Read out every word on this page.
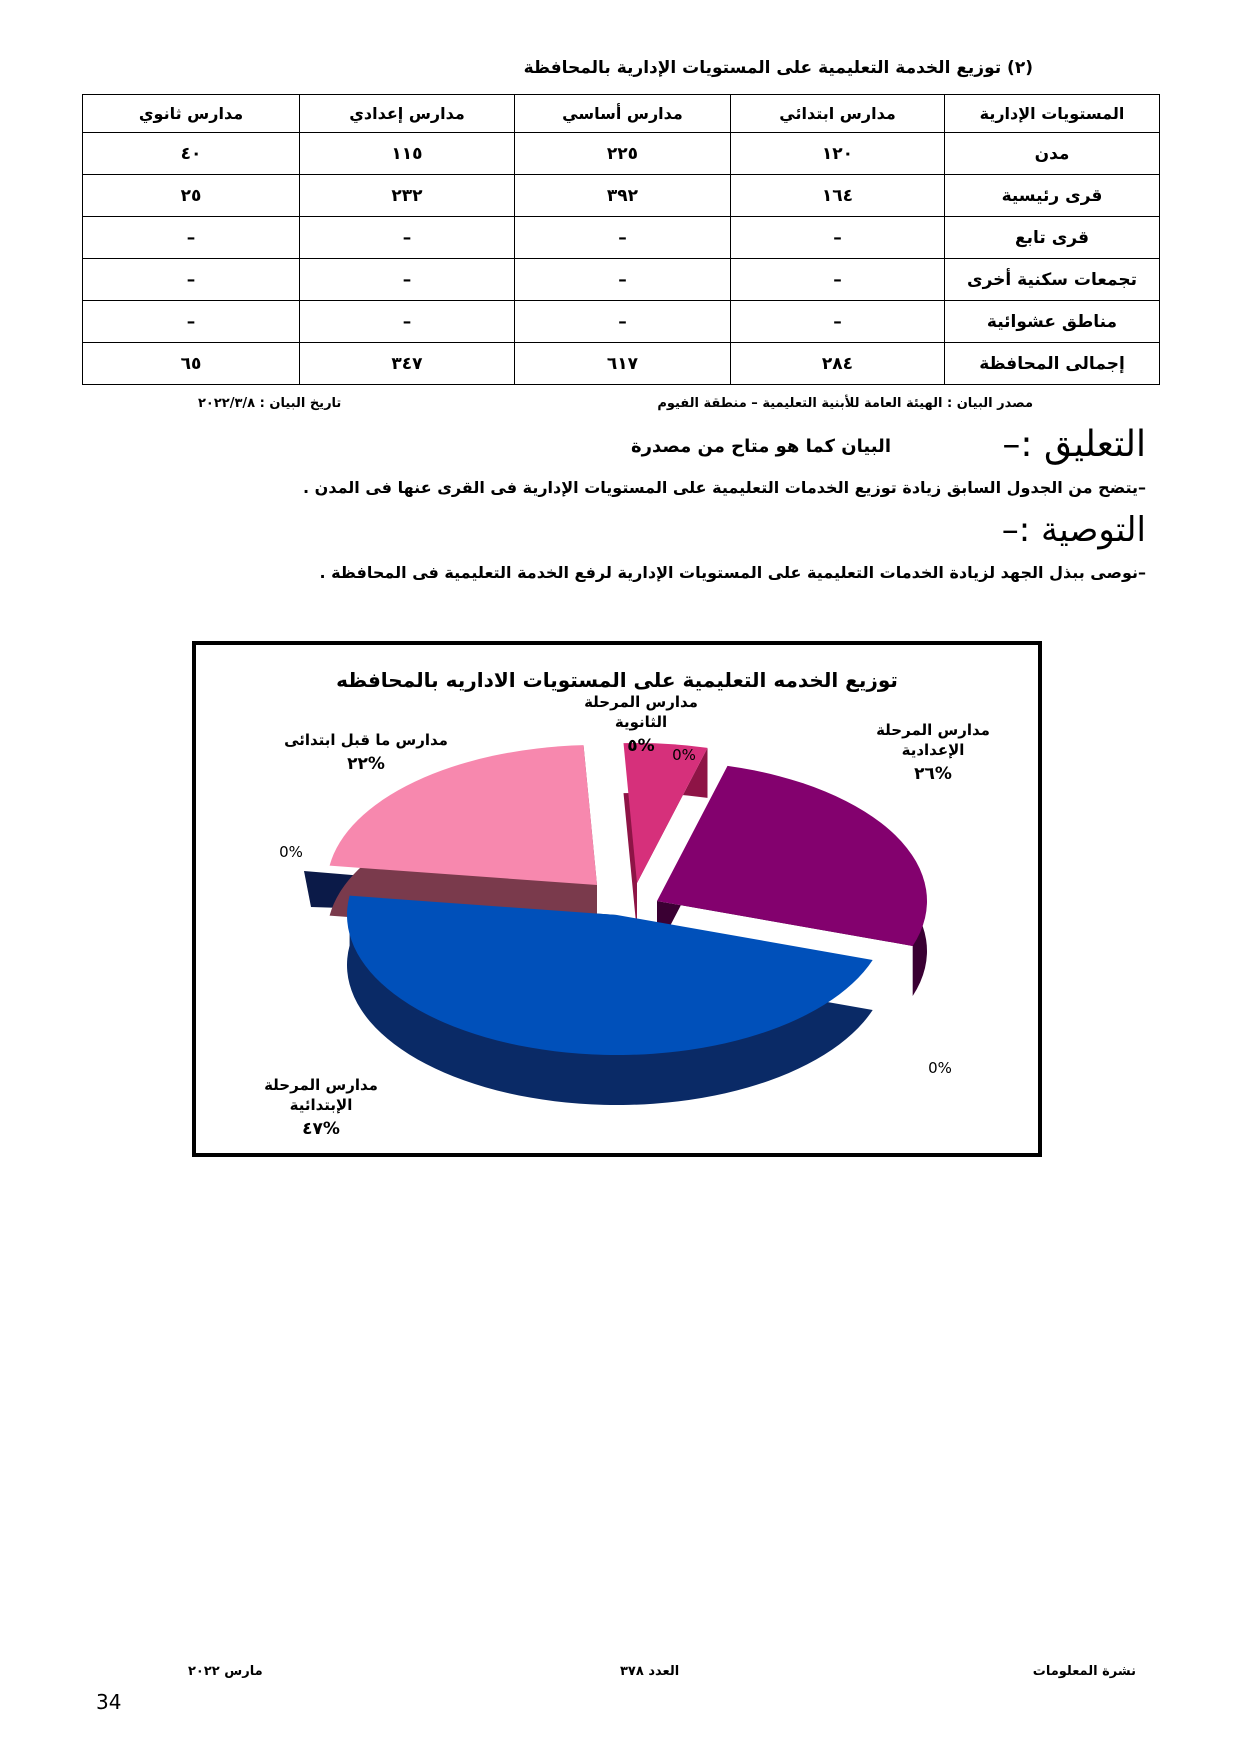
(٢) توزيع الخدمة التعليمية على المستويات الإدارية بالمحافظة
المستويات الإدارية	مدارس ابتدائي	مدارس أساسي	مدارس إعدادي	مدارس ثانوي
مدن	١٢٠	٢٢٥	١١٥	٤٠
قرى رئيسية	١٦٤	٣٩٢	٢٣٢	٢٥
قرى تابع	–	–	–	–
تجمعات سكنية أخرى	–	–	–	–
مناطق عشوائية	–	–	–	–
إجمالى المحافظة	٢٨٤	٦١٧	٣٤٧	٦٥
مصدر البيان : الهيئة العامة للأبنية التعليمية – منطقة الفيوم
تاريخ البيان : ٢٠٢٢/٣/٨
التعليق :–
البيان كما هو متاح من مصدرة
–يتضح من الجدول السابق زيادة توزيع الخدمات التعليمية على المستويات الإدارية فى القرى عنها فى المدن .
التوصية :–
–نوصى ببذل الجهد لزيادة الخدمات التعليمية على المستويات الإدارية لرفع الخدمة التعليمية فى المحافظة .
توزيع الخدمه التعليمية على المستويات الاداريه بالمحافظه
مدارس المرحلة
الثانوية
%٥
مدارس المرحلة
الإعدادية
%٢٦
مدارس المرحلة
الإبتدائية
%٤٧
مدارس ما قبل ابتدائى
%٢٢	0%
0%
0%
نشرة المعلومات
العدد ٣٧٨
مارس ٢٠٢٢
34
